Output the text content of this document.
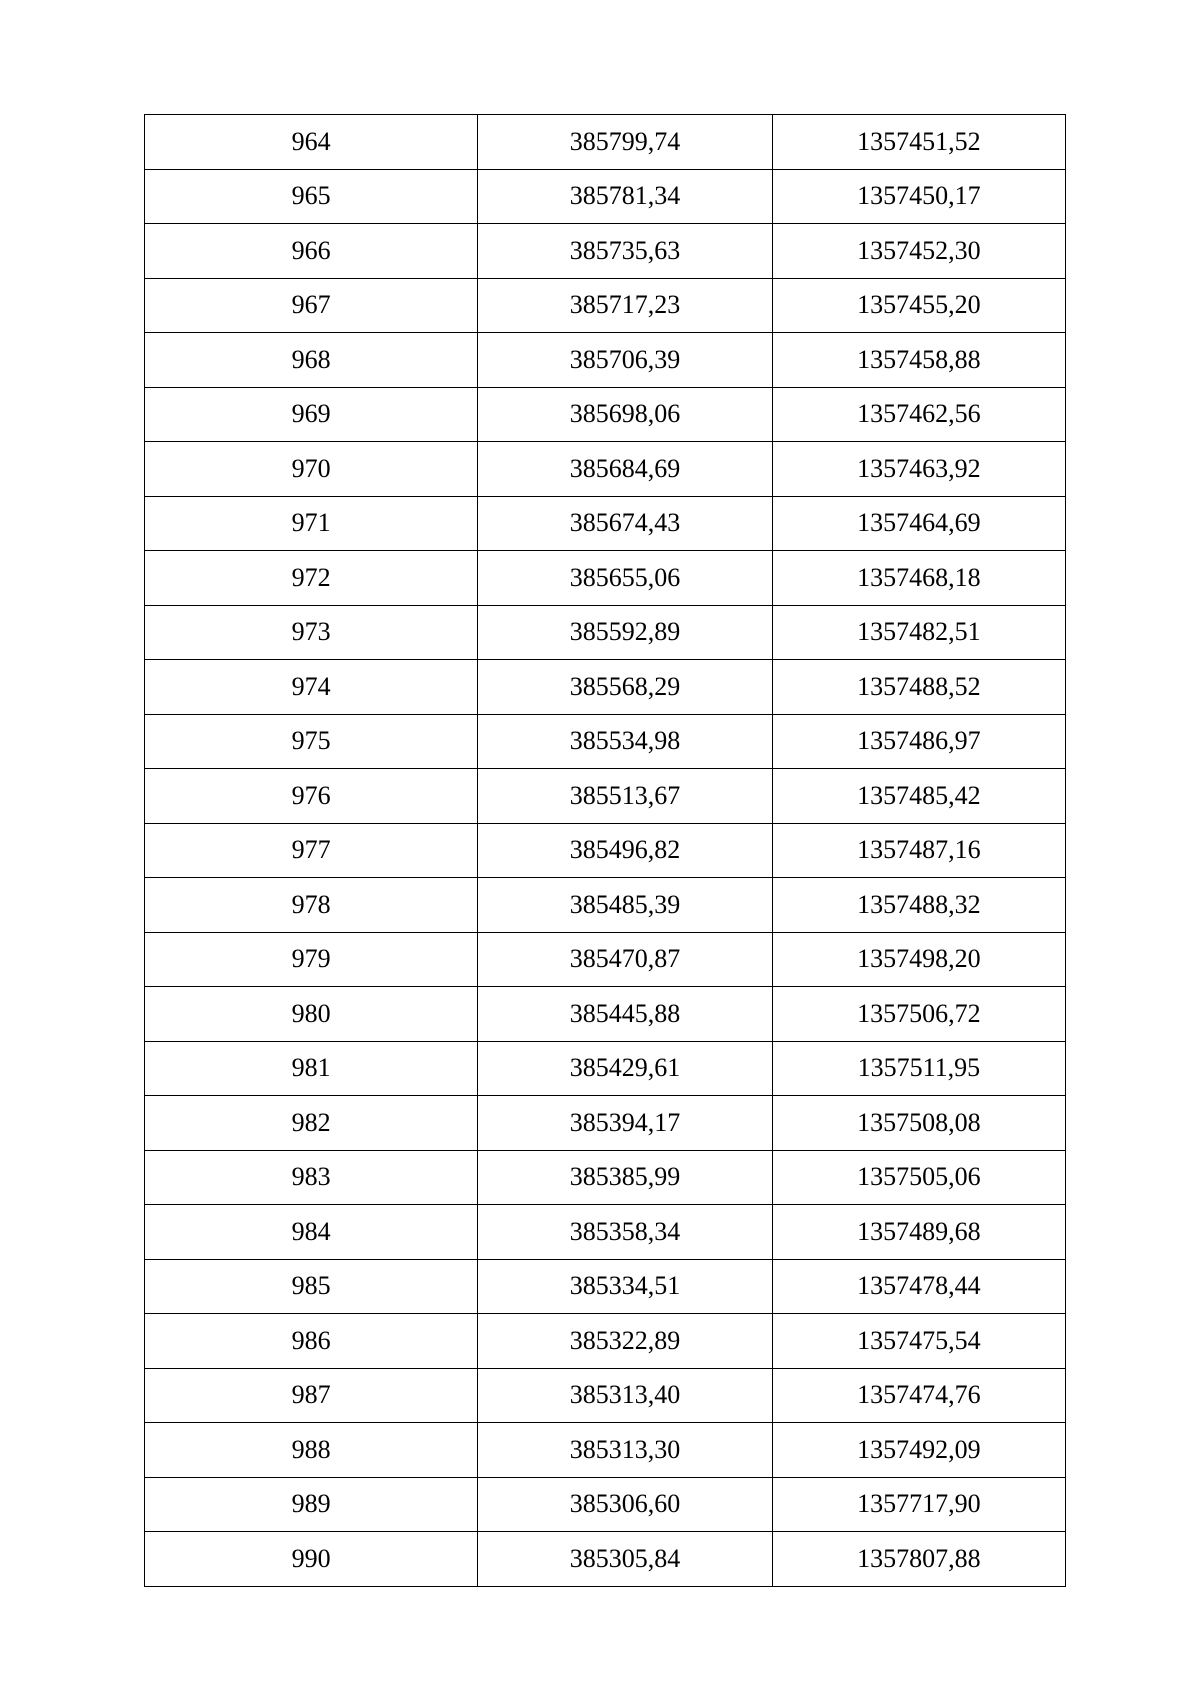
964	385799,74	1357451,52
965	385781,34	1357450,17
966	385735,63	1357452,30
967	385717,23	1357455,20
968	385706,39	1357458,88
969	385698,06	1357462,56
970	385684,69	1357463,92
971	385674,43	1357464,69
972	385655,06	1357468,18
973	385592,89	1357482,51
974	385568,29	1357488,52
975	385534,98	1357486,97
976	385513,67	1357485,42
977	385496,82	1357487,16
978	385485,39	1357488,32
979	385470,87	1357498,20
980	385445,88	1357506,72
981	385429,61	1357511,95
982	385394,17	1357508,08
983	385385,99	1357505,06
984	385358,34	1357489,68
985	385334,51	1357478,44
986	385322,89	1357475,54
987	385313,40	1357474,76
988	385313,30	1357492,09
989	385306,60	1357717,90
990	385305,84	1357807,88
